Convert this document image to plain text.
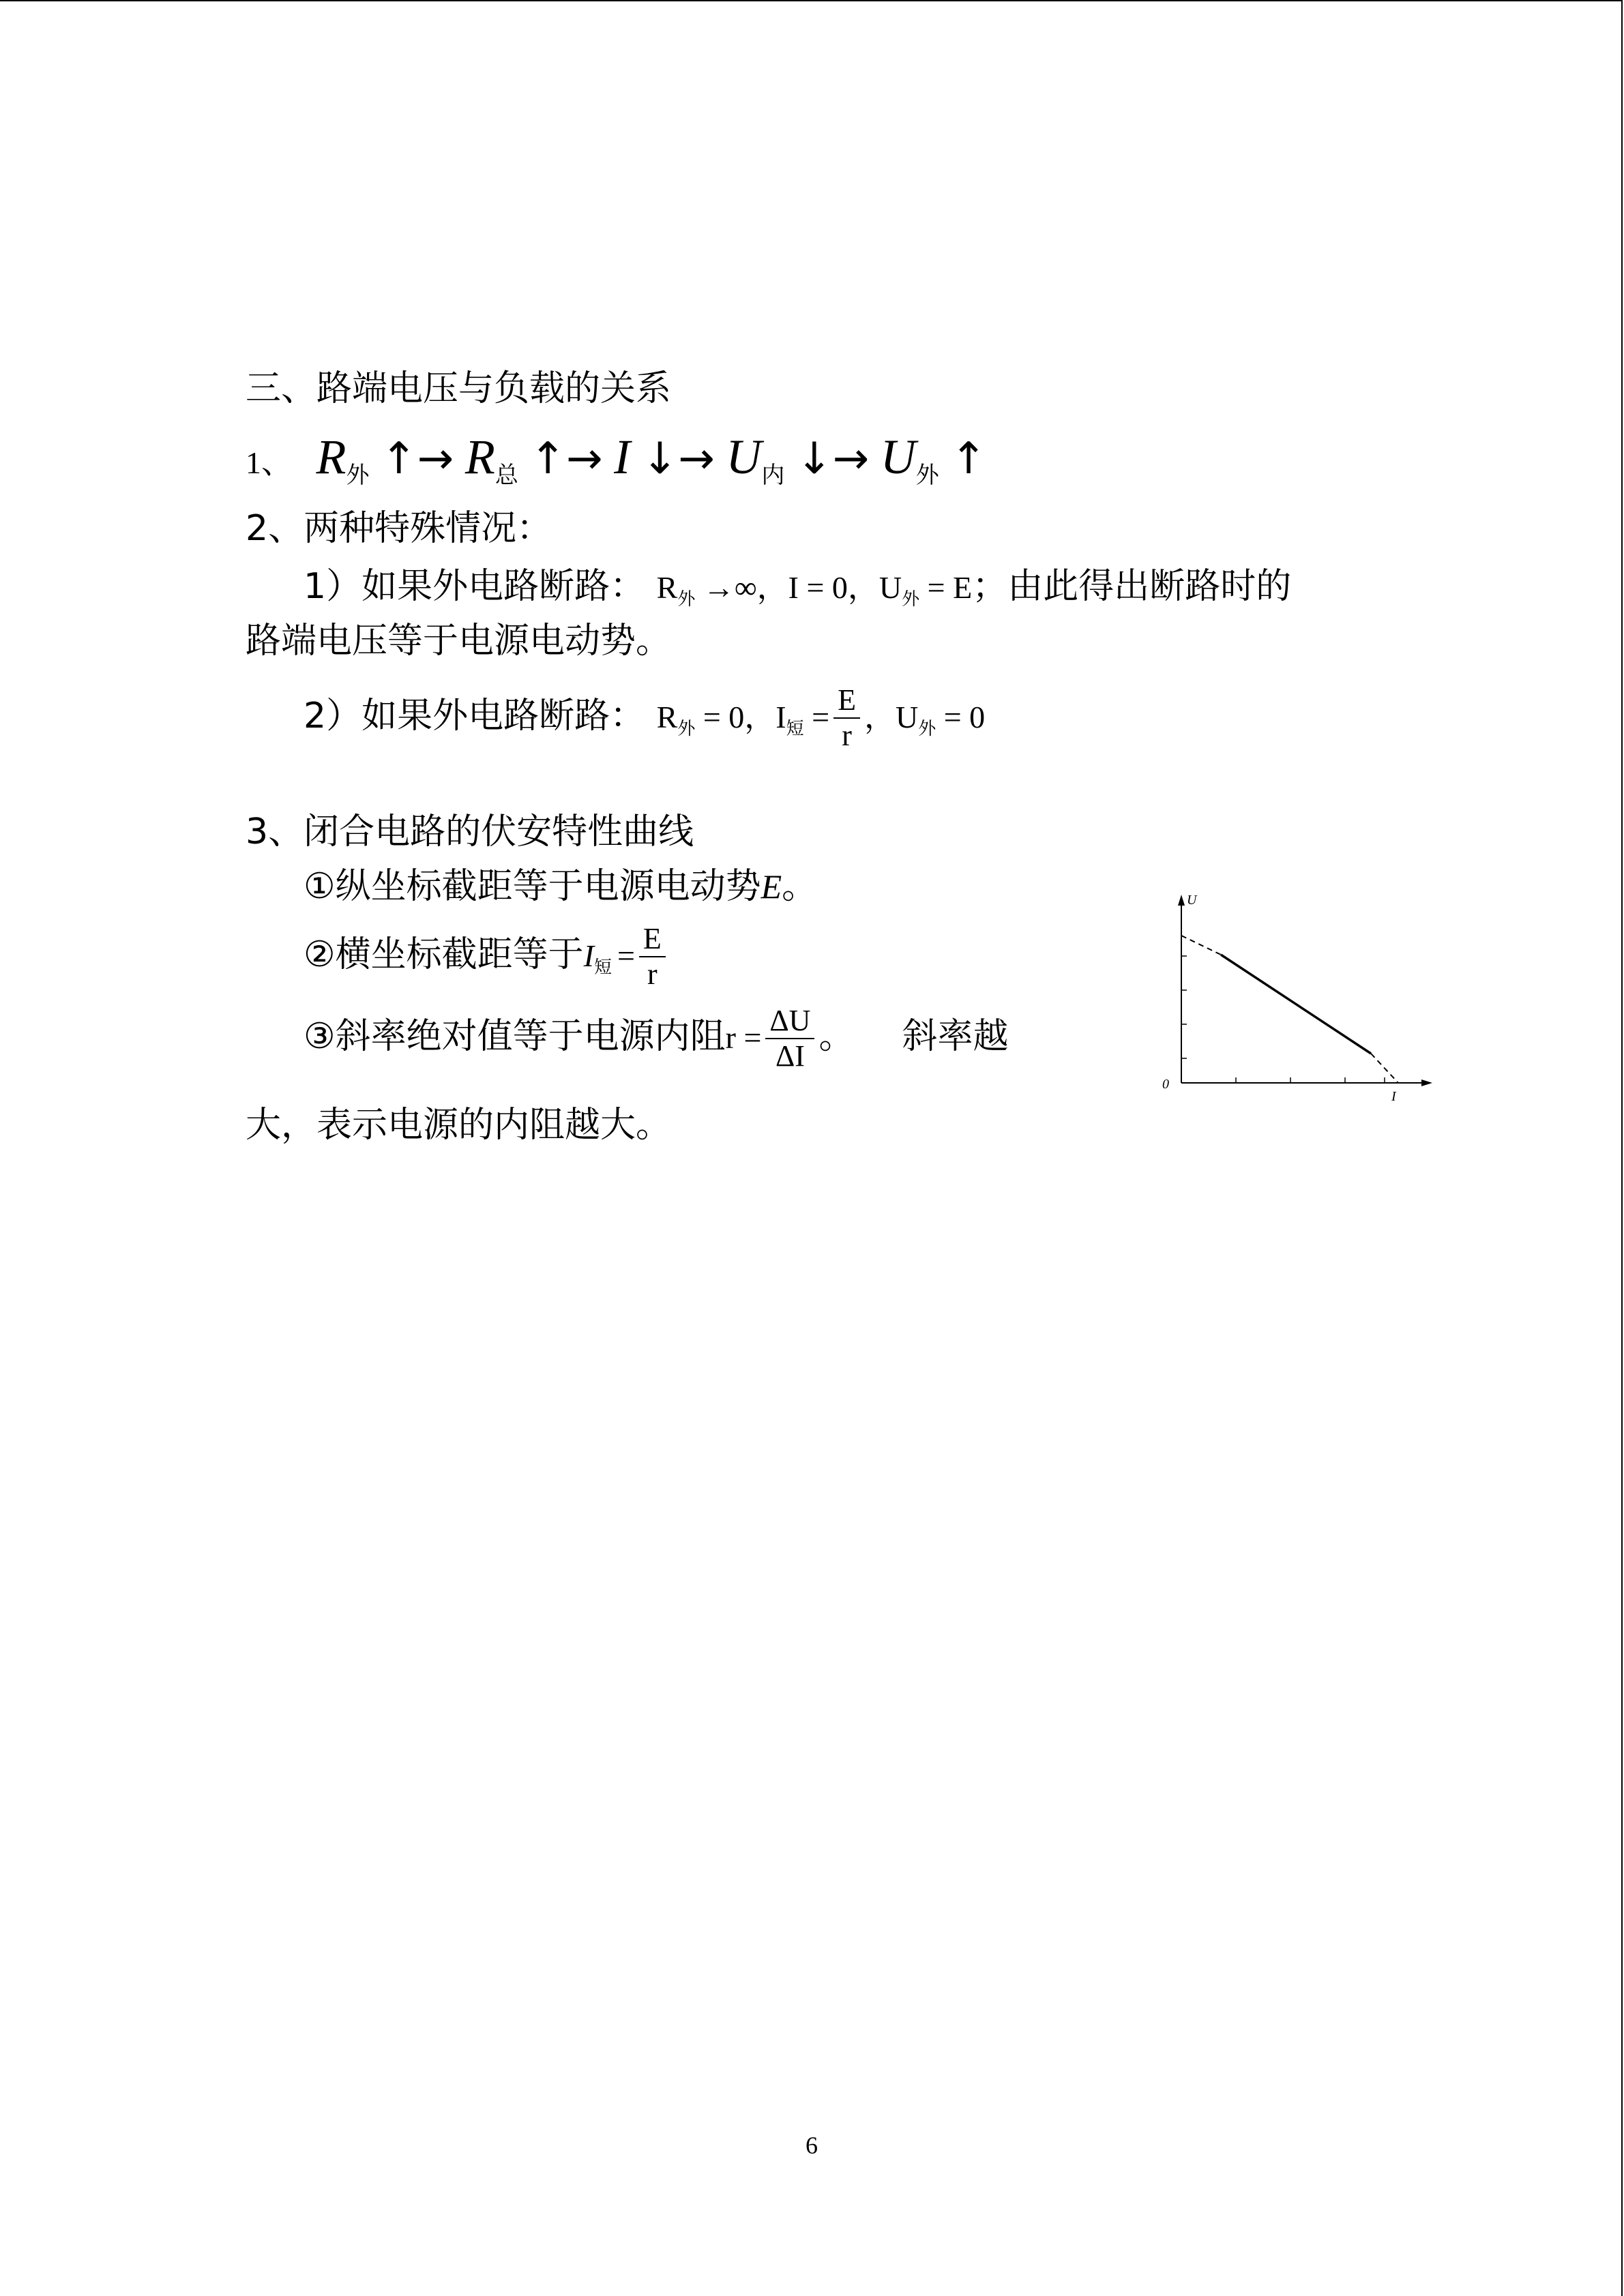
三、路端电压与负载的关系
1、 $R_外$ ↑→ $R_总$ ↑→ I ↓→ $U_内$ ↓→ $U_外$ ↑
2、两种特殊情况：
1）如果外电路断路： R外 →∞，I = 0，U外 = E；由此得出断路时的
路端电压等于电源电动势。
2）如果外电路断路： R外 = 0，I短 = $\frac{E}{r}$ ，U外 = 0
3、闭合电路的伏安特性曲线
①纵坐标截距等于电源电动势E。
②横坐标截距等于I短 = $\frac{E}{r}$
③斜率绝对值等于电源内阻$r = \frac{\Delta U}{\Delta I}$ 。 斜率越
大，表示电源的内阻越大。
U
I
0
6
